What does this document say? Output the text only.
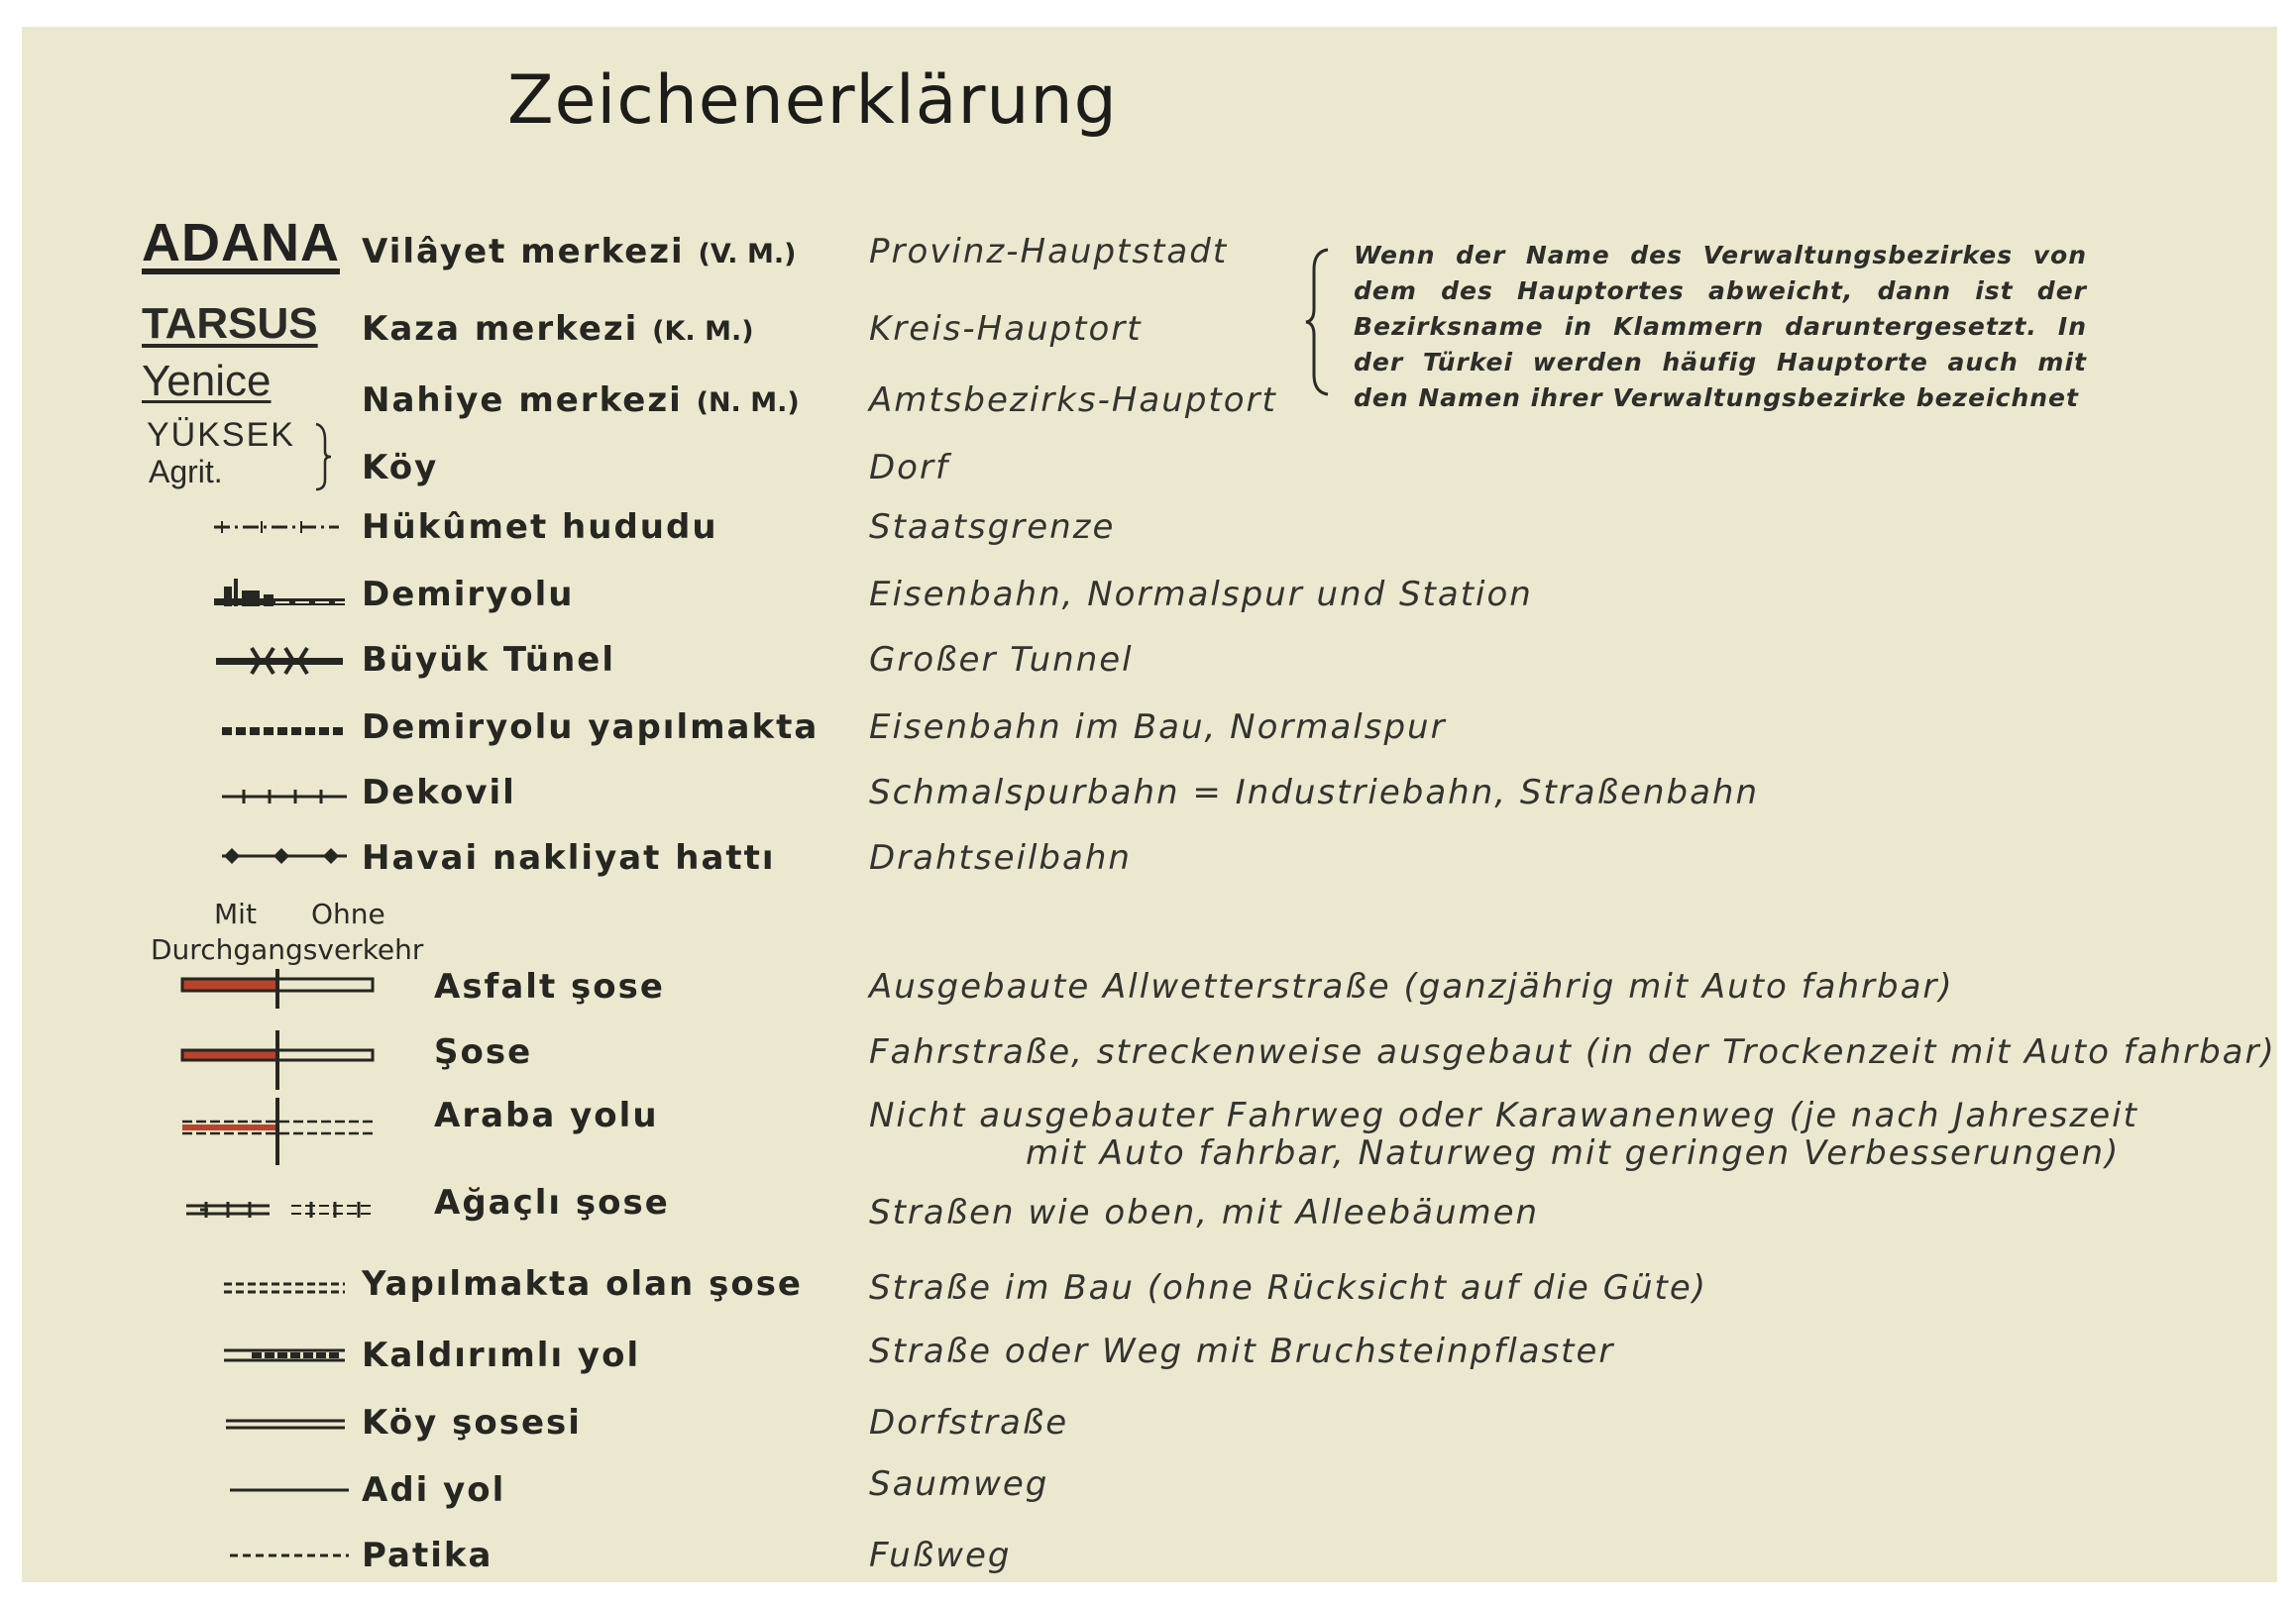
Zeichenerklärung
ADANA
TARSUS
Yenice
YÜKSEK
Agrit.
Vilâyet merkezi (V. M.) Provinz-Hauptstadt
Kaza merkezi (K. M.)	Kreis-Hauptort
Nahiye merkezi (N. M.) Amtsbezirks-Hauptort
Köy	Dorf
Hükûmet hududu	Staatsgrenze
Demiryolu	Eisenbahn, Normalspur und Station
Büyük Tünel	Großer Tunnel
Demiryolu yapılmakta Eisenbahn im Bau, Normalspur
Dekovil	Schmalspurbahn = Industriebahn, Straßenbahn
Havai nakliyat hattı	Drahtseilbahn
Mit Ohne
Durchgangsverkehr
Asfalt şose	Ausgebaute Allwetterstraße (ganzjährig mit Auto fahrbar)
Şose	Fahrstraße, streckenweise ausgebaut (in der Trockenzeit mit Auto fahrbar)
Araba yolu	Nicht ausgebauter Fahrweg oder Karawanenweg (je nach Jahreszeit
mit Auto fahrbar, Naturweg mit geringen Verbesserungen)
Ağaçlı şose	Straßen wie oben, mit Alleebäumen
Yapılmakta olan şose Straße im Bau (ohne Rücksicht auf die Güte)
Kaldırımlı yol	Straße oder Weg mit Bruchsteinpflaster
Köy şosesi	Dorfstraße
Adi yol	Saumweg
Patika	Fußweg
Wenn der Name des Verwaltungsbezirkes von dem des Hauptortes abweicht, dann ist der Bezirksname in Klammern daruntergesetzt. In der Türkei werden häufig Hauptorte auch mit den Namen ihrer Verwaltungsbezirke bezeichnet
